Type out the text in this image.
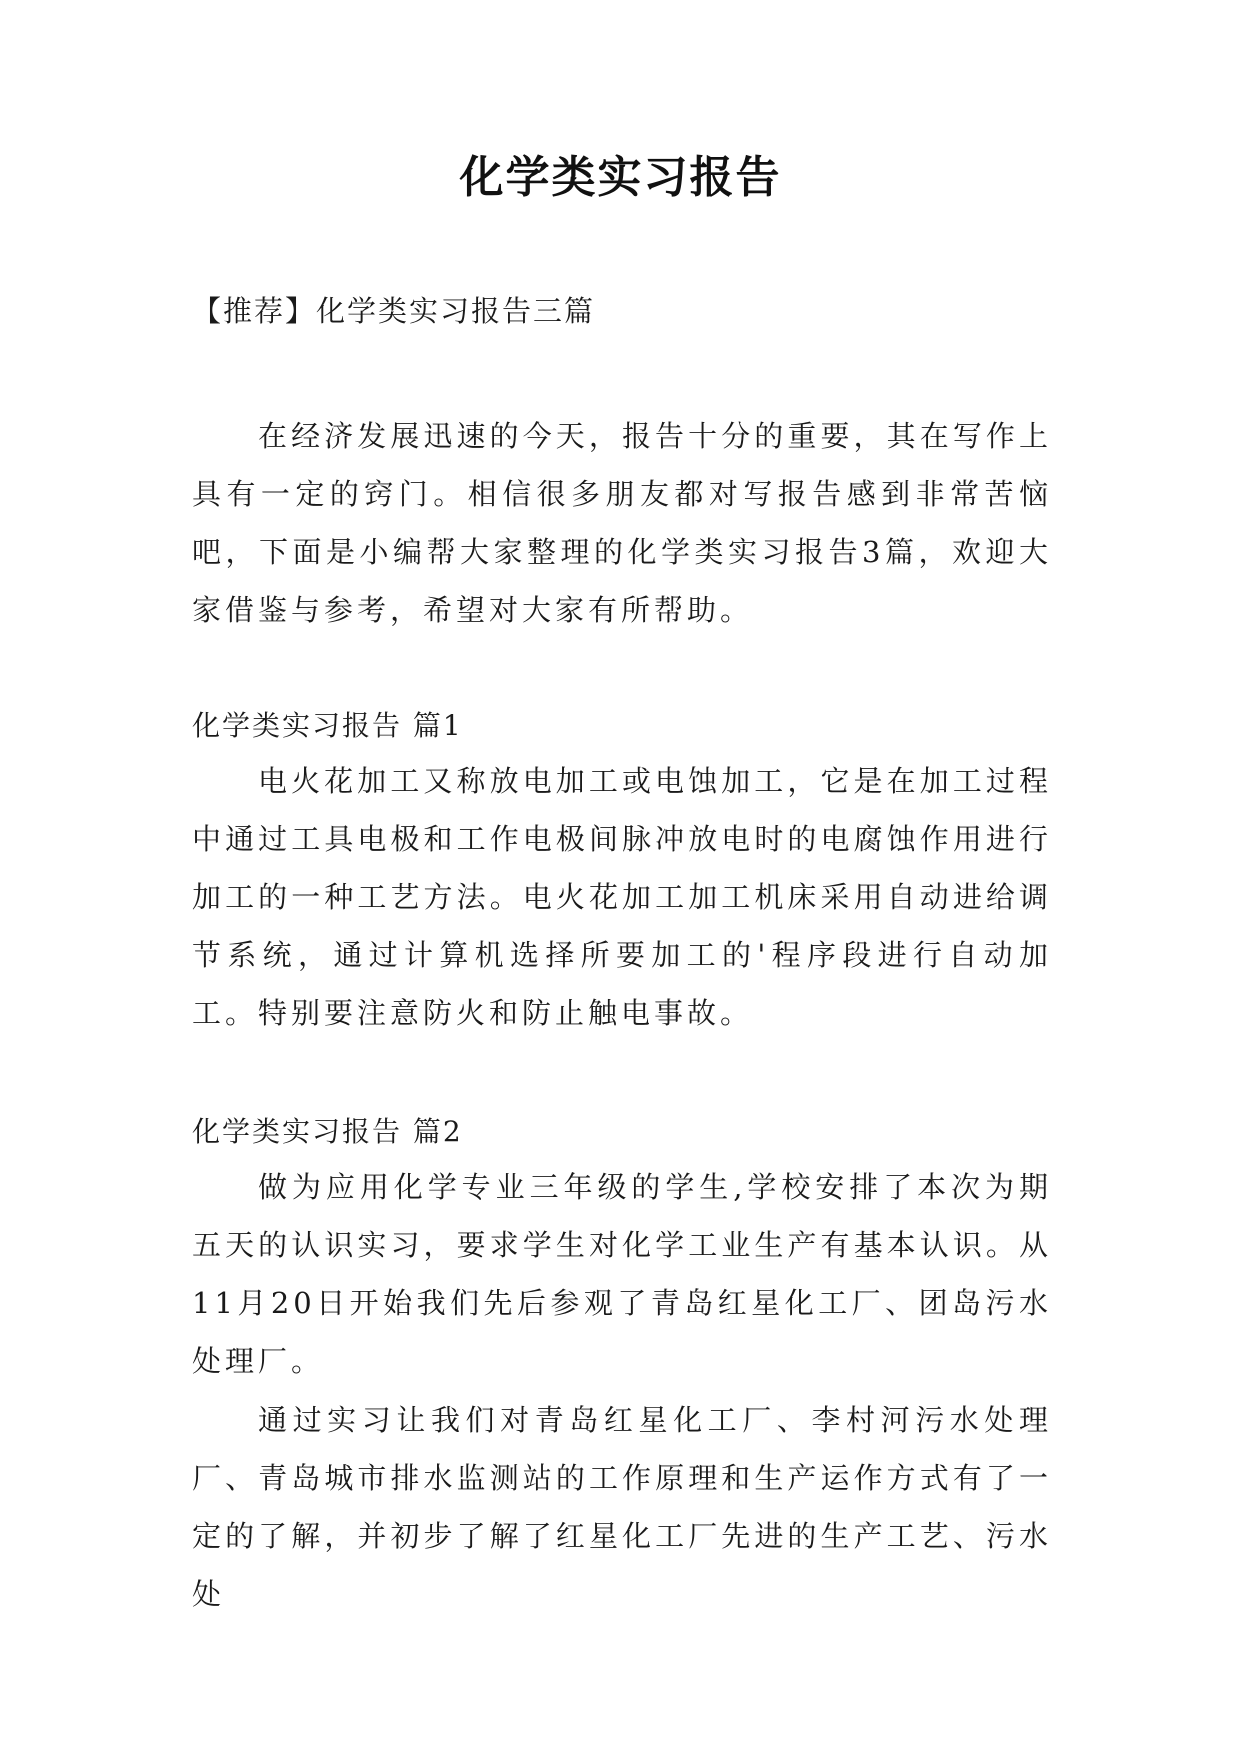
化学类实习报告
【推荐】化学类实习报告三篇

在经济发展迅速的今天，报告十分的重要，其在写作上具有一定的窍门。相信很多朋友都对写报告感到非常苦恼吧，下面是小编帮大家整理的化学类实习报告3篇，欢迎大家借鉴与参考，希望对大家有所帮助。

化学类实习报告 篇1

电火花加工又称放电加工或电蚀加工，它是在加工过程中通过工具电极和工作电极间脉冲放电时的电腐蚀作用进行加工的一种工艺方法。电火花加工加工机床采用自动进给调节系统，通过计算机选择所要加工的'程序段进行自动加工。特别要注意防火和防止触电事故。

化学类实习报告 篇2

做为应用化学专业三年级的学生,学校安排了本次为期五天的认识实习，要求学生对化学工业生产有基本认识。从11月20日开始我们先后参观了青岛红星化工厂、团岛污水处理厂。

通过实习让我们对青岛红星化工厂、李村河污水处理厂、青岛城市排水监测站的工作原理和生产运作方式有了一定的了解，并初步了解了红星化工厂先进的生产工艺、污水处
